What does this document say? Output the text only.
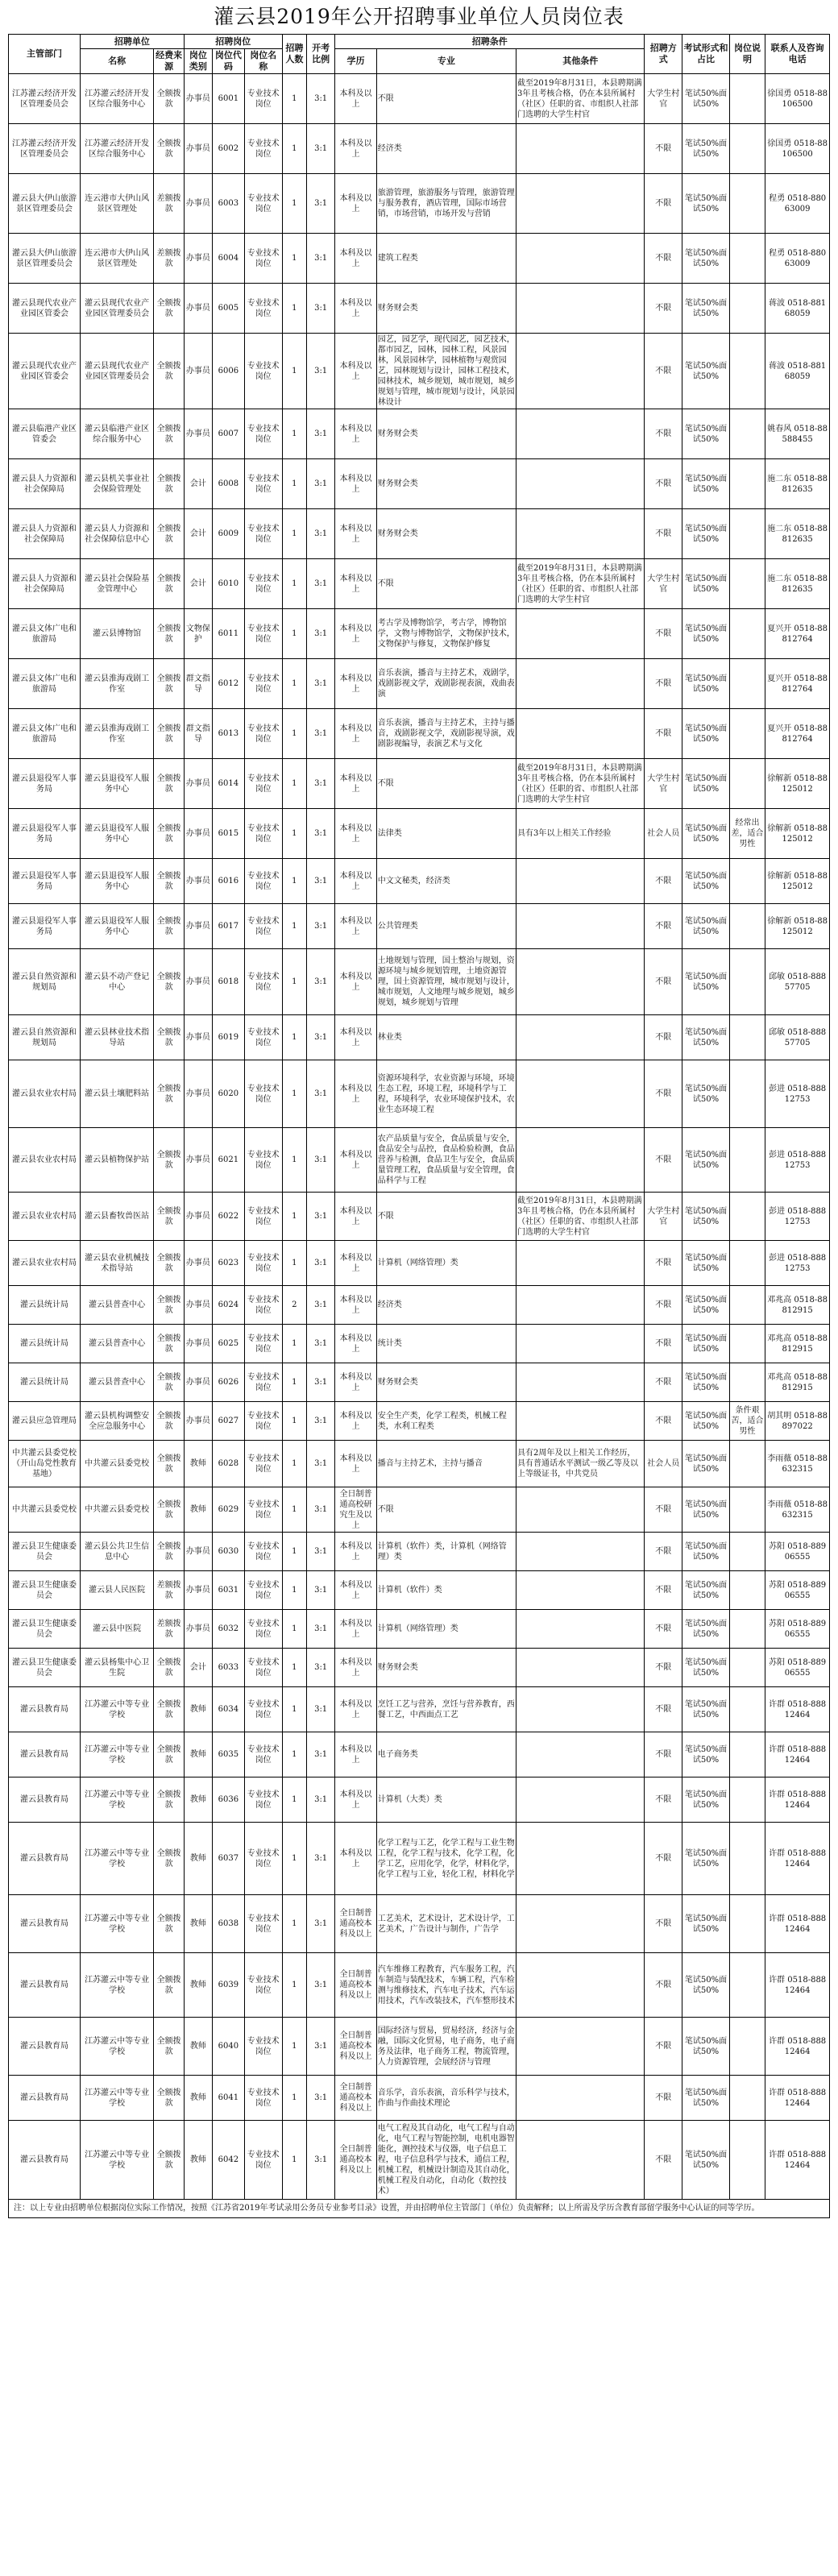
灌云县2019年公开招聘事业单位人员岗位表
主管部门	招聘单位		招聘岗位			招聘人数	开考比例	招聘条件			招聘方式	考试形式和占比	岗位说明	联系人及咨询电话
	名称	经费来源	岗位类别	岗位代码	岗位名称			学历	专业	其他条件				
江苏灌云经济开发区管理委员会	江苏灌云经济开发区综合服务中心	全额拨款	办事员	6001	专业技术岗位	1	3:1	本科及以上	不限	截至2019年8月31日，本县聘期满3年且考核合格，仍在本县所属村（社区）任职的省、市组织人社部门选聘的大学生村官	大学生村官	笔试50%面试50%		徐国勇 0518-88106500
江苏灌云经济开发区管理委员会	江苏灌云经济开发区综合服务中心	全额拨款	办事员	6002	专业技术岗位	1	3:1	本科及以上	经济类		不限	笔试50%面试50%		徐国勇 0518-88106500
灌云县大伊山旅游景区管理委员会	连云港市大伊山风景区管理处	差额拨款	办事员	6003	专业技术岗位	1	3:1	本科及以上	旅游管理，旅游服务与管理，旅游管理与服务教育，酒店管理，国际市场营销，市场营销，市场开发与营销		不限	笔试50%面试50%		程勇 0518-88063009
灌云县大伊山旅游景区管理委员会	连云港市大伊山风景区管理处	差额拨款	办事员	6004	专业技术岗位	1	3:1	本科及以上	建筑工程类		不限	笔试50%面试50%		程勇 0518-88063009
灌云县现代农业产业园区管委会	灌云县现代农业产业园区管理委员会	全额拨款	办事员	6005	专业技术岗位	1	3:1	本科及以上	财务财会类		不限	笔试50%面试50%		蒋波 0518-88168059
灌云县现代农业产业园区管委会	灌云县现代农业产业园区管理委员会	全额拨款	办事员	6006	专业技术岗位	1	3:1	本科及以上	园艺，园艺学，现代园艺，园艺技术，都市园艺，园林，园林工程，风景园林，风景园林学，园林植物与观赏园艺，园林规划与设计，园林工程技术，园林技术，城乡规划，城市规划，城乡规划与管理，城市规划与设计，风景园林设计		不限	笔试50%面试50%		蒋波 0518-88168059
灌云县临港产业区管委会	灌云县临港产业区综合服务中心	全额拨款	办事员	6007	专业技术岗位	1	3:1	本科及以上	财务财会类		不限	笔试50%面试50%		姚春风 0518-88588455
灌云县人力资源和社会保障局	灌云县机关事业社会保险管理处	全额拨款	会计	6008	专业技术岗位	1	3:1	本科及以上	财务财会类		不限	笔试50%面试50%		施二东 0518-88812635
灌云县人力资源和社会保障局	灌云县人力资源和社会保障信息中心	全额拨款	会计	6009	专业技术岗位	1	3:1	本科及以上	财务财会类		不限	笔试50%面试50%		施二东 0518-88812635
灌云县人力资源和社会保障局	灌云县社会保险基金管理中心	全额拨款	会计	6010	专业技术岗位	1	3:1	本科及以上	不限	截至2019年8月31日，本县聘期满3年且考核合格，仍在本县所属村（社区）任职的省、市组织人社部门选聘的大学生村官	大学生村官	笔试50%面试50%		施二东 0518-88812635
灌云县文体广电和旅游局	灌云县博物馆	全额拨款	文物保护	6011	专业技术岗位	1	3:1	本科及以上	考古学及博物馆学，考古学，博物馆学，文物与博物馆学，文物保护技术，文物保护与修复，文物保护修复		不限	笔试50%面试50%		夏兴开 0518-88812764
灌云县文体广电和旅游局	灌云县淮海戏剧工作室	全额拨款	群文指导	6012	专业技术岗位	1	3:1	本科及以上	音乐表演，播音与主持艺术，戏剧学，戏剧影视文学，戏剧影视表演，戏曲表演		不限	笔试50%面试50%		夏兴开 0518-88812764
灌云县文体广电和旅游局	灌云县淮海戏剧工作室	全额拨款	群文指导	6013	专业技术岗位	1	3:1	本科及以上	音乐表演，播音与主持艺术，主持与播音，戏剧影视文学，戏剧影视导演，戏剧影视编导，表演艺术与文化		不限	笔试50%面试50%		夏兴开 0518-88812764
灌云县退役军人事务局	灌云县退役军人服务中心	全额拨款	办事员	6014	专业技术岗位	1	3:1	本科及以上	不限	截至2019年8月31日，本县聘期满3年且考核合格，仍在本县所属村（社区）任职的省、市组织人社部门选聘的大学生村官	大学生村官	笔试50%面试50%		徐解新 0518-88125012
灌云县退役军人事务局	灌云县退役军人服务中心	全额拨款	办事员	6015	专业技术岗位	1	3:1	本科及以上	法律类	具有3年以上相关工作经验	社会人员	笔试50%面试50%	经常出差，适合男性	徐解新 0518-88125012
灌云县退役军人事务局	灌云县退役军人服务中心	全额拨款	办事员	6016	专业技术岗位	1	3:1	本科及以上	中文文秘类，经济类		不限	笔试50%面试50%		徐解新 0518-88125012
灌云县退役军人事务局	灌云县退役军人服务中心	全额拨款	办事员	6017	专业技术岗位	1	3:1	本科及以上	公共管理类		不限	笔试50%面试50%		徐解新 0518-88125012
灌云县自然资源和规划局	灌云县不动产登记中心	全额拨款	办事员	6018	专业技术岗位	1	3:1	本科及以上	土地规划与管理，国土整治与规划，资源环境与城乡规划管理，土地资源管理，国土资源管理，城市规划与设计，城市规划，人文地理与城乡规划，城乡规划，城乡规划与管理		不限	笔试50%面试50%		邱敏 0518-88857705
灌云县自然资源和规划局	灌云县林业技术指导站	全额拨款	办事员	6019	专业技术岗位	1	3:1	本科及以上	林业类		不限	笔试50%面试50%		邱敏 0518-88857705
灌云县农业农村局	灌云县土壤肥料站	全额拨款	办事员	6020	专业技术岗位	1	3:1	本科及以上	资源环境科学，农业资源与环境，环境生态工程，环境工程，环境科学与工程，环境科学，农业环境保护技术，农业生态环境工程		不限	笔试50%面试50%		彭进 0518-88812753
灌云县农业农村局	灌云县植物保护站	全额拨款	办事员	6021	专业技术岗位	1	3:1	本科及以上	农产品质量与安全，食品质量与安全，食品安全与品控，食品检验检测，食品营养与检测，食品卫生与安全，食品质量管理工程，食品质量与安全管理，食品科学与工程		不限	笔试50%面试50%		彭进 0518-88812753
灌云县农业农村局	灌云县畜牧兽医站	全额拨款	办事员	6022	专业技术岗位	1	3:1	本科及以上	不限	截至2019年8月31日，本县聘期满3年且考核合格，仍在本县所属村（社区）任职的省、市组织人社部门选聘的大学生村官	大学生村官	笔试50%面试50%		彭进 0518-88812753
灌云县农业农村局	灌云县农业机械技术指导站	全额拨款	办事员	6023	专业技术岗位	1	3:1	本科及以上	计算机（网络管理）类		不限	笔试50%面试50%		彭进 0518-88812753
灌云县统计局	灌云县普查中心	全额拨款	办事员	6024	专业技术岗位	2	3:1	本科及以上	经济类		不限	笔试50%面试50%		邓兆高 0518-88812915
灌云县统计局	灌云县普查中心	全额拨款	办事员	6025	专业技术岗位	1	3:1	本科及以上	统计类		不限	笔试50%面试50%		邓兆高 0518-88812915
灌云县统计局	灌云县普查中心	全额拨款	办事员	6026	专业技术岗位	1	3:1	本科及以上	财务财会类		不限	笔试50%面试50%		邓兆高 0518-88812915
灌云县应急管理局	灌云县机构调整安全应急服务中心	全额拨款	办事员	6027	专业技术岗位	1	3:1	本科及以上	安全生产类，化学工程类，机械工程类，水利工程类		不限	笔试50%面试50%	条件艰苦，适合男性	胡其明 0518-88897022
中共灌云县委党校（开山岛党性教育基地）	中共灌云县委党校	全额拨款	教师	6028	专业技术岗位	1	3:1	本科及以上	播音与主持艺术，主持与播音	具有2周年及以上相关工作经历，具有普通话水平测试一级乙等及以上等级证书，中共党员	社会人员	笔试50%面试50%		李雨薇 0518-88632315
中共灌云县委党校	中共灌云县委党校	全额拨款	教师	6029	专业技术岗位	1	3:1	全日制普通高校研究生及以上	不限		不限	笔试50%面试50%		李雨薇 0518-88632315
灌云县卫生健康委员会	灌云县公共卫生信息中心	全额拨款	办事员	6030	专业技术岗位	1	3:1	本科及以上	计算机（软件）类，计算机（网络管理）类		不限	笔试50%面试50%		苏阳 0518-88906555
灌云县卫生健康委员会	灌云县人民医院	差额拨款	办事员	6031	专业技术岗位	1	3:1	本科及以上	计算机（软件）类		不限	笔试50%面试50%		苏阳 0518-88906555
灌云县卫生健康委员会	灌云县中医院	差额拨款	办事员	6032	专业技术岗位	1	3:1	本科及以上	计算机（网络管理）类		不限	笔试50%面试50%		苏阳 0518-88906555
灌云县卫生健康委员会	灌云县杨集中心卫生院	全额拨款	会计	6033	专业技术岗位	1	3:1	本科及以上	财务财会类		不限	笔试50%面试50%		苏阳 0518-88906555
灌云县教育局	江苏灌云中等专业学校	全额拨款	教师	6034	专业技术岗位	1	3:1	本科及以上	烹饪工艺与营养，烹饪与营养教育，西餐工艺，中西面点工艺		不限	笔试50%面试50%		许群 0518-88812464
灌云县教育局	江苏灌云中等专业学校	全额拨款	教师	6035	专业技术岗位	1	3:1	本科及以上	电子商务类		不限	笔试50%面试50%		许群 0518-88812464
灌云县教育局	江苏灌云中等专业学校	全额拨款	教师	6036	专业技术岗位	1	3:1	本科及以上	计算机（大类）类		不限	笔试50%面试50%		许群 0518-88812464
灌云县教育局	江苏灌云中等专业学校	全额拨款	教师	6037	专业技术岗位	1	3:1	本科及以上	化学工程与工艺，化学工程与工业生物工程，化学工程与技术，化学工程，化学工艺，应用化学，化学，材料化学，化学工程与工业，轻化工程，材料化学		不限	笔试50%面试50%		许群 0518-88812464
灌云县教育局	江苏灌云中等专业学校	全额拨款	教师	6038	专业技术岗位	1	3:1	全日制普通高校本科及以上	工艺美术，艺术设计，艺术设计学，工艺美术，广告设计与制作，广告学		不限	笔试50%面试50%		许群 0518-88812464
灌云县教育局	江苏灌云中等专业学校	全额拨款	教师	6039	专业技术岗位	1	3:1	全日制普通高校本科及以上	汽车维修工程教育，汽车服务工程，汽车制造与装配技术，车辆工程，汽车检测与维修技术，汽车电子技术，汽车运用技术，汽车改装技术，汽车整形技术		不限	笔试50%面试50%		许群 0518-88812464
灌云县教育局	江苏灌云中等专业学校	全额拨款	教师	6040	专业技术岗位	1	3:1	全日制普通高校本科及以上	国际经济与贸易，贸易经济，经济与金融，国际文化贸易，电子商务，电子商务及法律，电子商务工程，物流管理，人力资源管理，会展经济与管理		不限	笔试50%面试50%		许群 0518-88812464
灌云县教育局	江苏灌云中等专业学校	全额拨款	教师	6041	专业技术岗位	1	3:1	全日制普通高校本科及以上	音乐学，音乐表演，音乐科学与技术，作曲与作曲技术理论		不限	笔试50%面试50%		许群 0518-88812464
灌云县教育局	江苏灌云中等专业学校	全额拨款	教师	6042	专业技术岗位	1	3:1	全日制普通高校本科及以上	电气工程及其自动化，电气工程与自动化，电气工程与智能控制，电机电器智能化，测控技术与仪器，电子信息工程，电子信息科学与技术，通信工程，机械工程，机械设计制造及其自动化，机械工程及自动化，自动化（数控技术）		不限	笔试50%面试50%		许群 0518-88812464
注：以上专业由招聘单位根据岗位实际工作情况，按照《江苏省2019年考试录用公务员专业参考目录》设置，并由招聘单位主管部门（单位）负责解释；以上所需及学历含教育部留学服务中心认证的同等学历。
